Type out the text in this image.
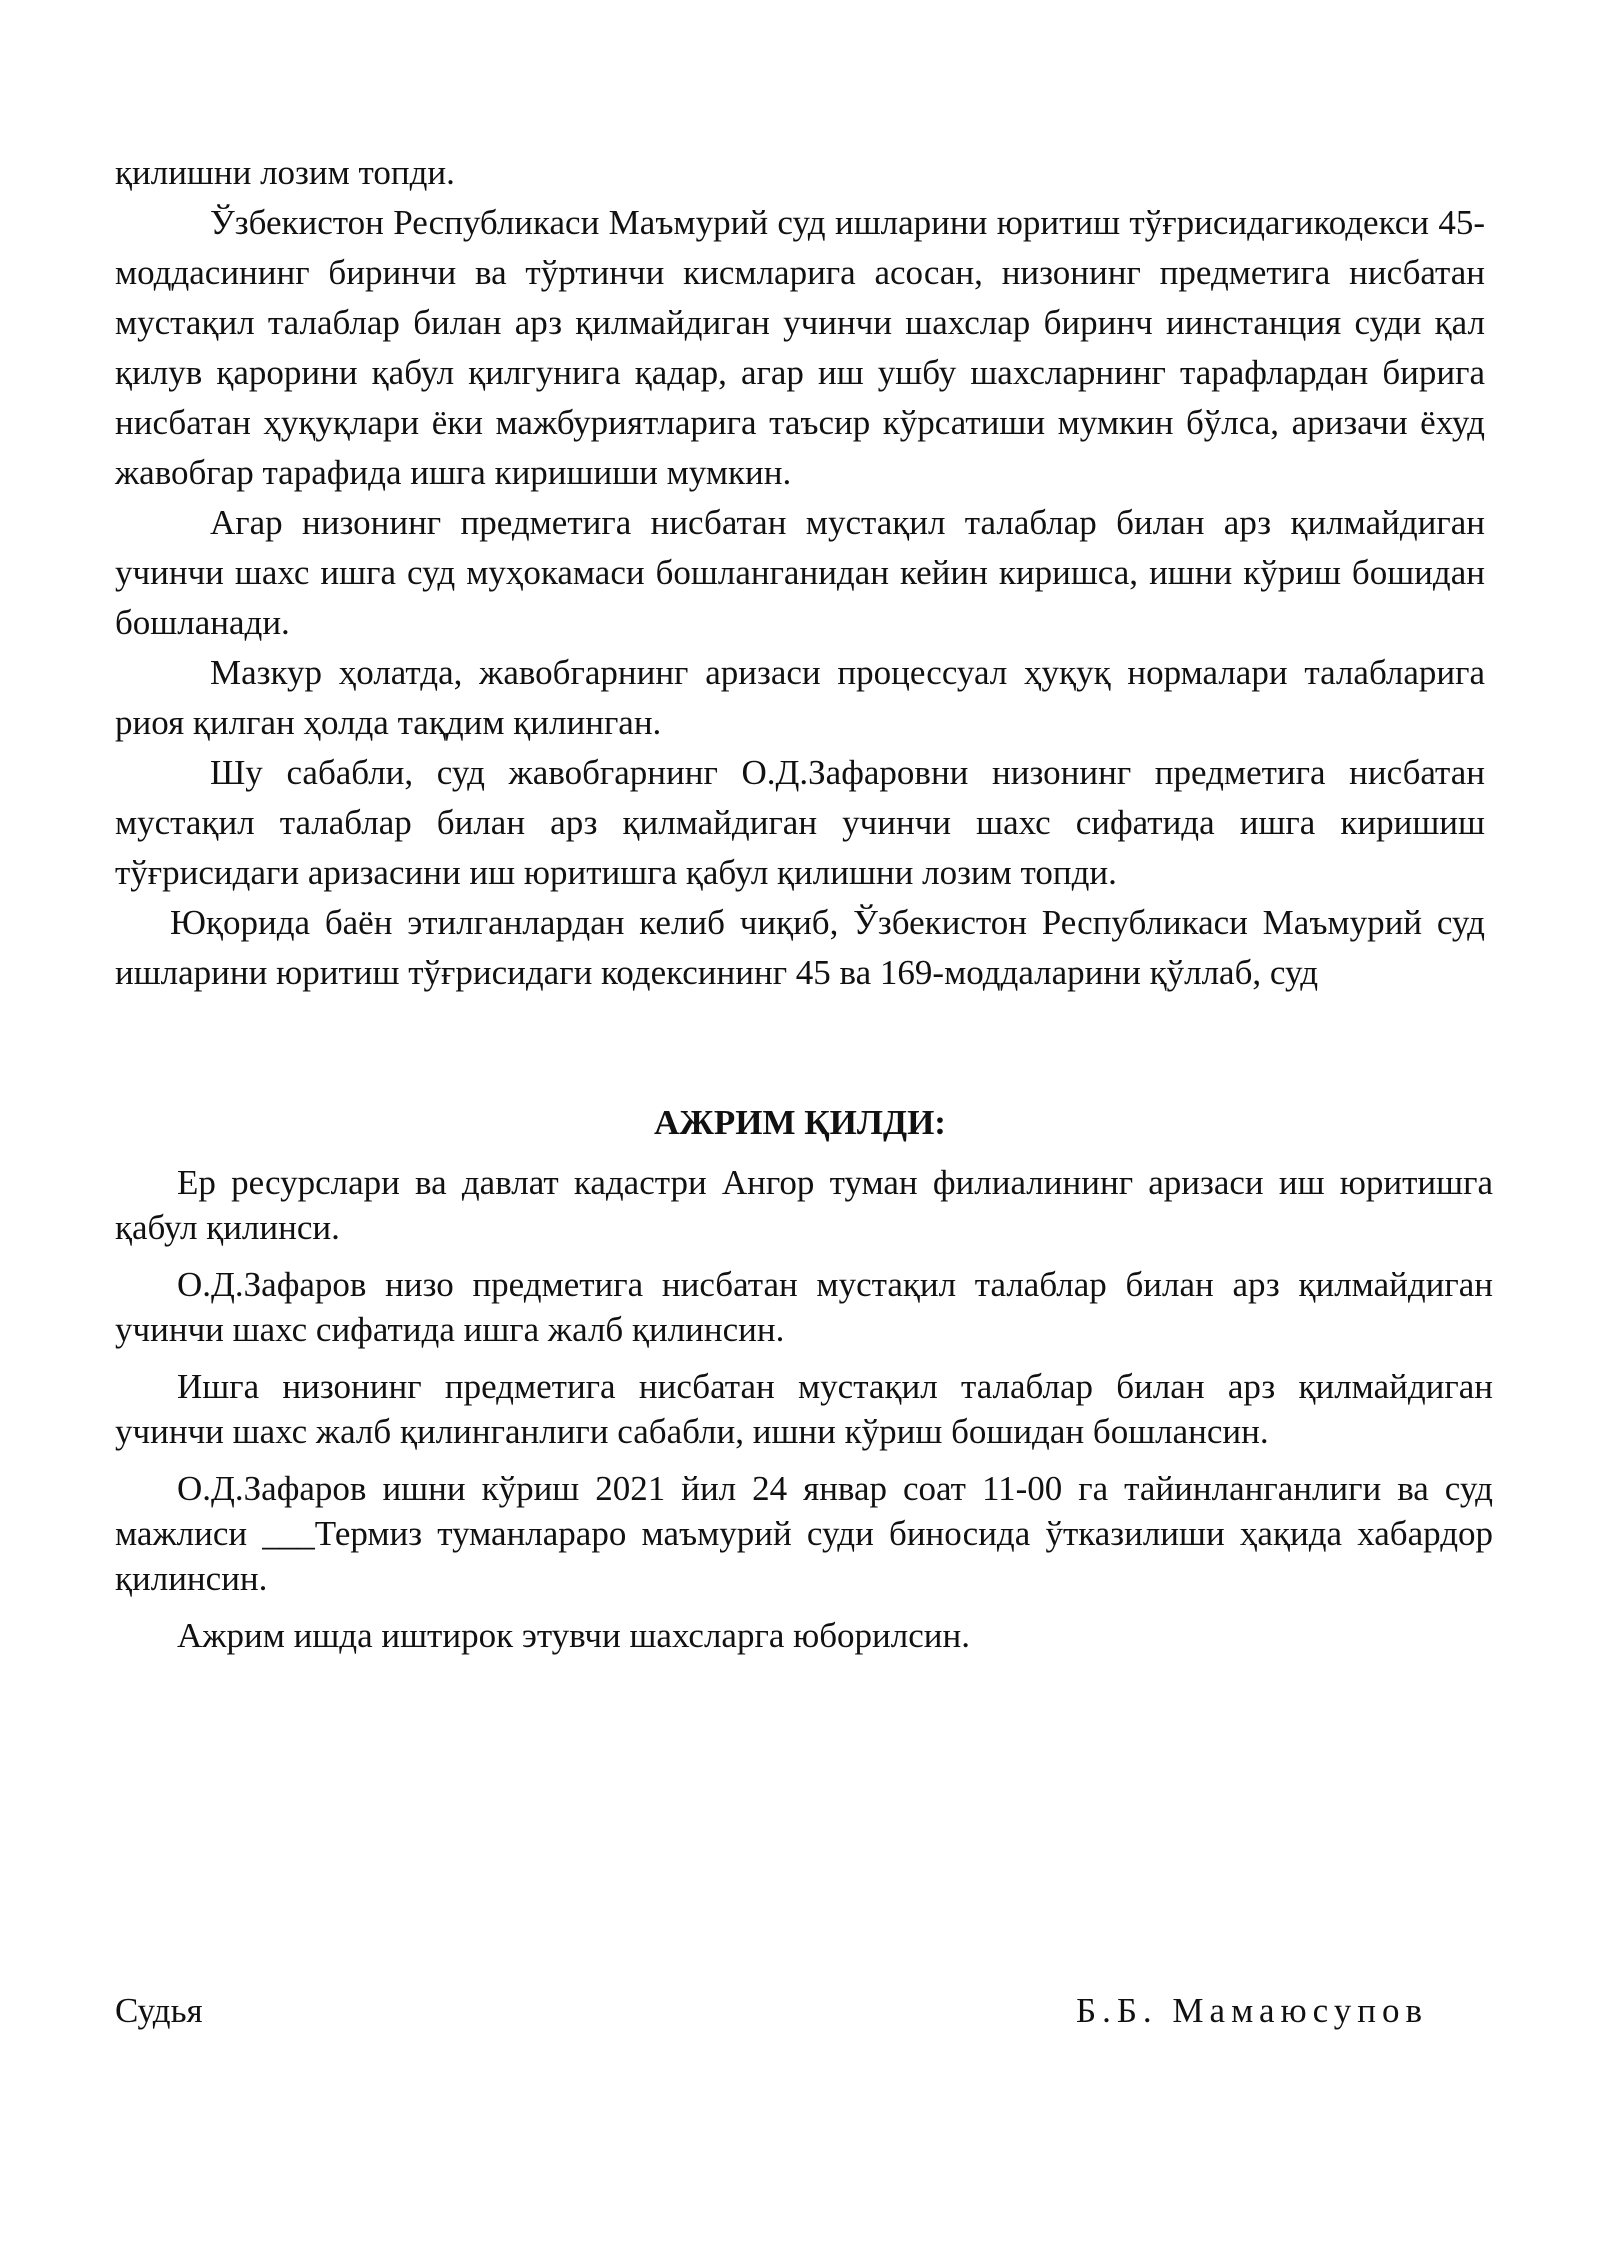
қилишни лозим топди.

Ўзбекистон Республикаси Маъмурий суд ишларини юритиш тўғрисидагикодекси 45-моддасининг биринчи ва тўртинчи кисмларига асосан, низонинг предметига нисбатан мустақил талаблар билан арз қилмайдиган учинчи шахслар биринч иинстанция суди қал қилув қарорини қабул қилгунига қадар, агар иш ушбу шахсларнинг тарафлардан бирига нисбатан ҳуқуқлари ёки мажбуриятларига таъсир кўрсатиши мумкин бўлса, аризачи ёхуд жавобгар тарафида ишга киришиши мумкин.

Агар низонинг предметига нисбатан мустақил талаблар билан арз қилмайдиган учинчи шахс ишга суд муҳокамаси бошланганидан кейин киришса, ишни кўриш бошидан бошланади.

Мазкур ҳолатда, жавобгарнинг аризаси процессуал ҳуқуқ нормалари талабларига риоя қилган ҳолда тақдим қилинган.

Шу сабабли, суд жавобгарнинг О.Д.Зафаровни низонинг предметига нисбатан мустақил талаблар билан арз қилмайдиган учинчи шахс сифатида ишга киришиш тўғрисидаги аризасини иш юритишга қабул қилишни лозим топди.

Юқорида баён этилганлардан келиб чиқиб, Ўзбекистон Республикаси Маъмурий суд ишларини юритиш тўғрисидаги кодексининг 45 ва 169-моддаларини қўллаб, суд

АЖРИМ ҚИЛДИ:

Ер ресурслари ва давлат кадастри Ангор туман филиалининг аризаси иш юритишга қабул қилинси.

О.Д.Зафаров низо предметига нисбатан мустақил талаблар билан арз қилмайдиган учинчи шахс сифатида ишга жалб қилинсин.

Ишга низонинг предметига нисбатан мустақил талаблар билан арз қилмайдиган учинчи шахс жалб қилинганлиги сабабли, ишни кўриш бошидан бошлансин.

О.Д.Зафаров ишни кўриш 2021 йил 24 январ соат 11-00 га тайинланганлиги ва суд мажлиси ___Термиз туманлараро маъмурий суди биносида ўтказилиши ҳақида хабардор қилинсин.

Ажрим ишда иштирок этувчи шахсларга юборилсин.

Судья	Б.Б. Мамаюсупов
